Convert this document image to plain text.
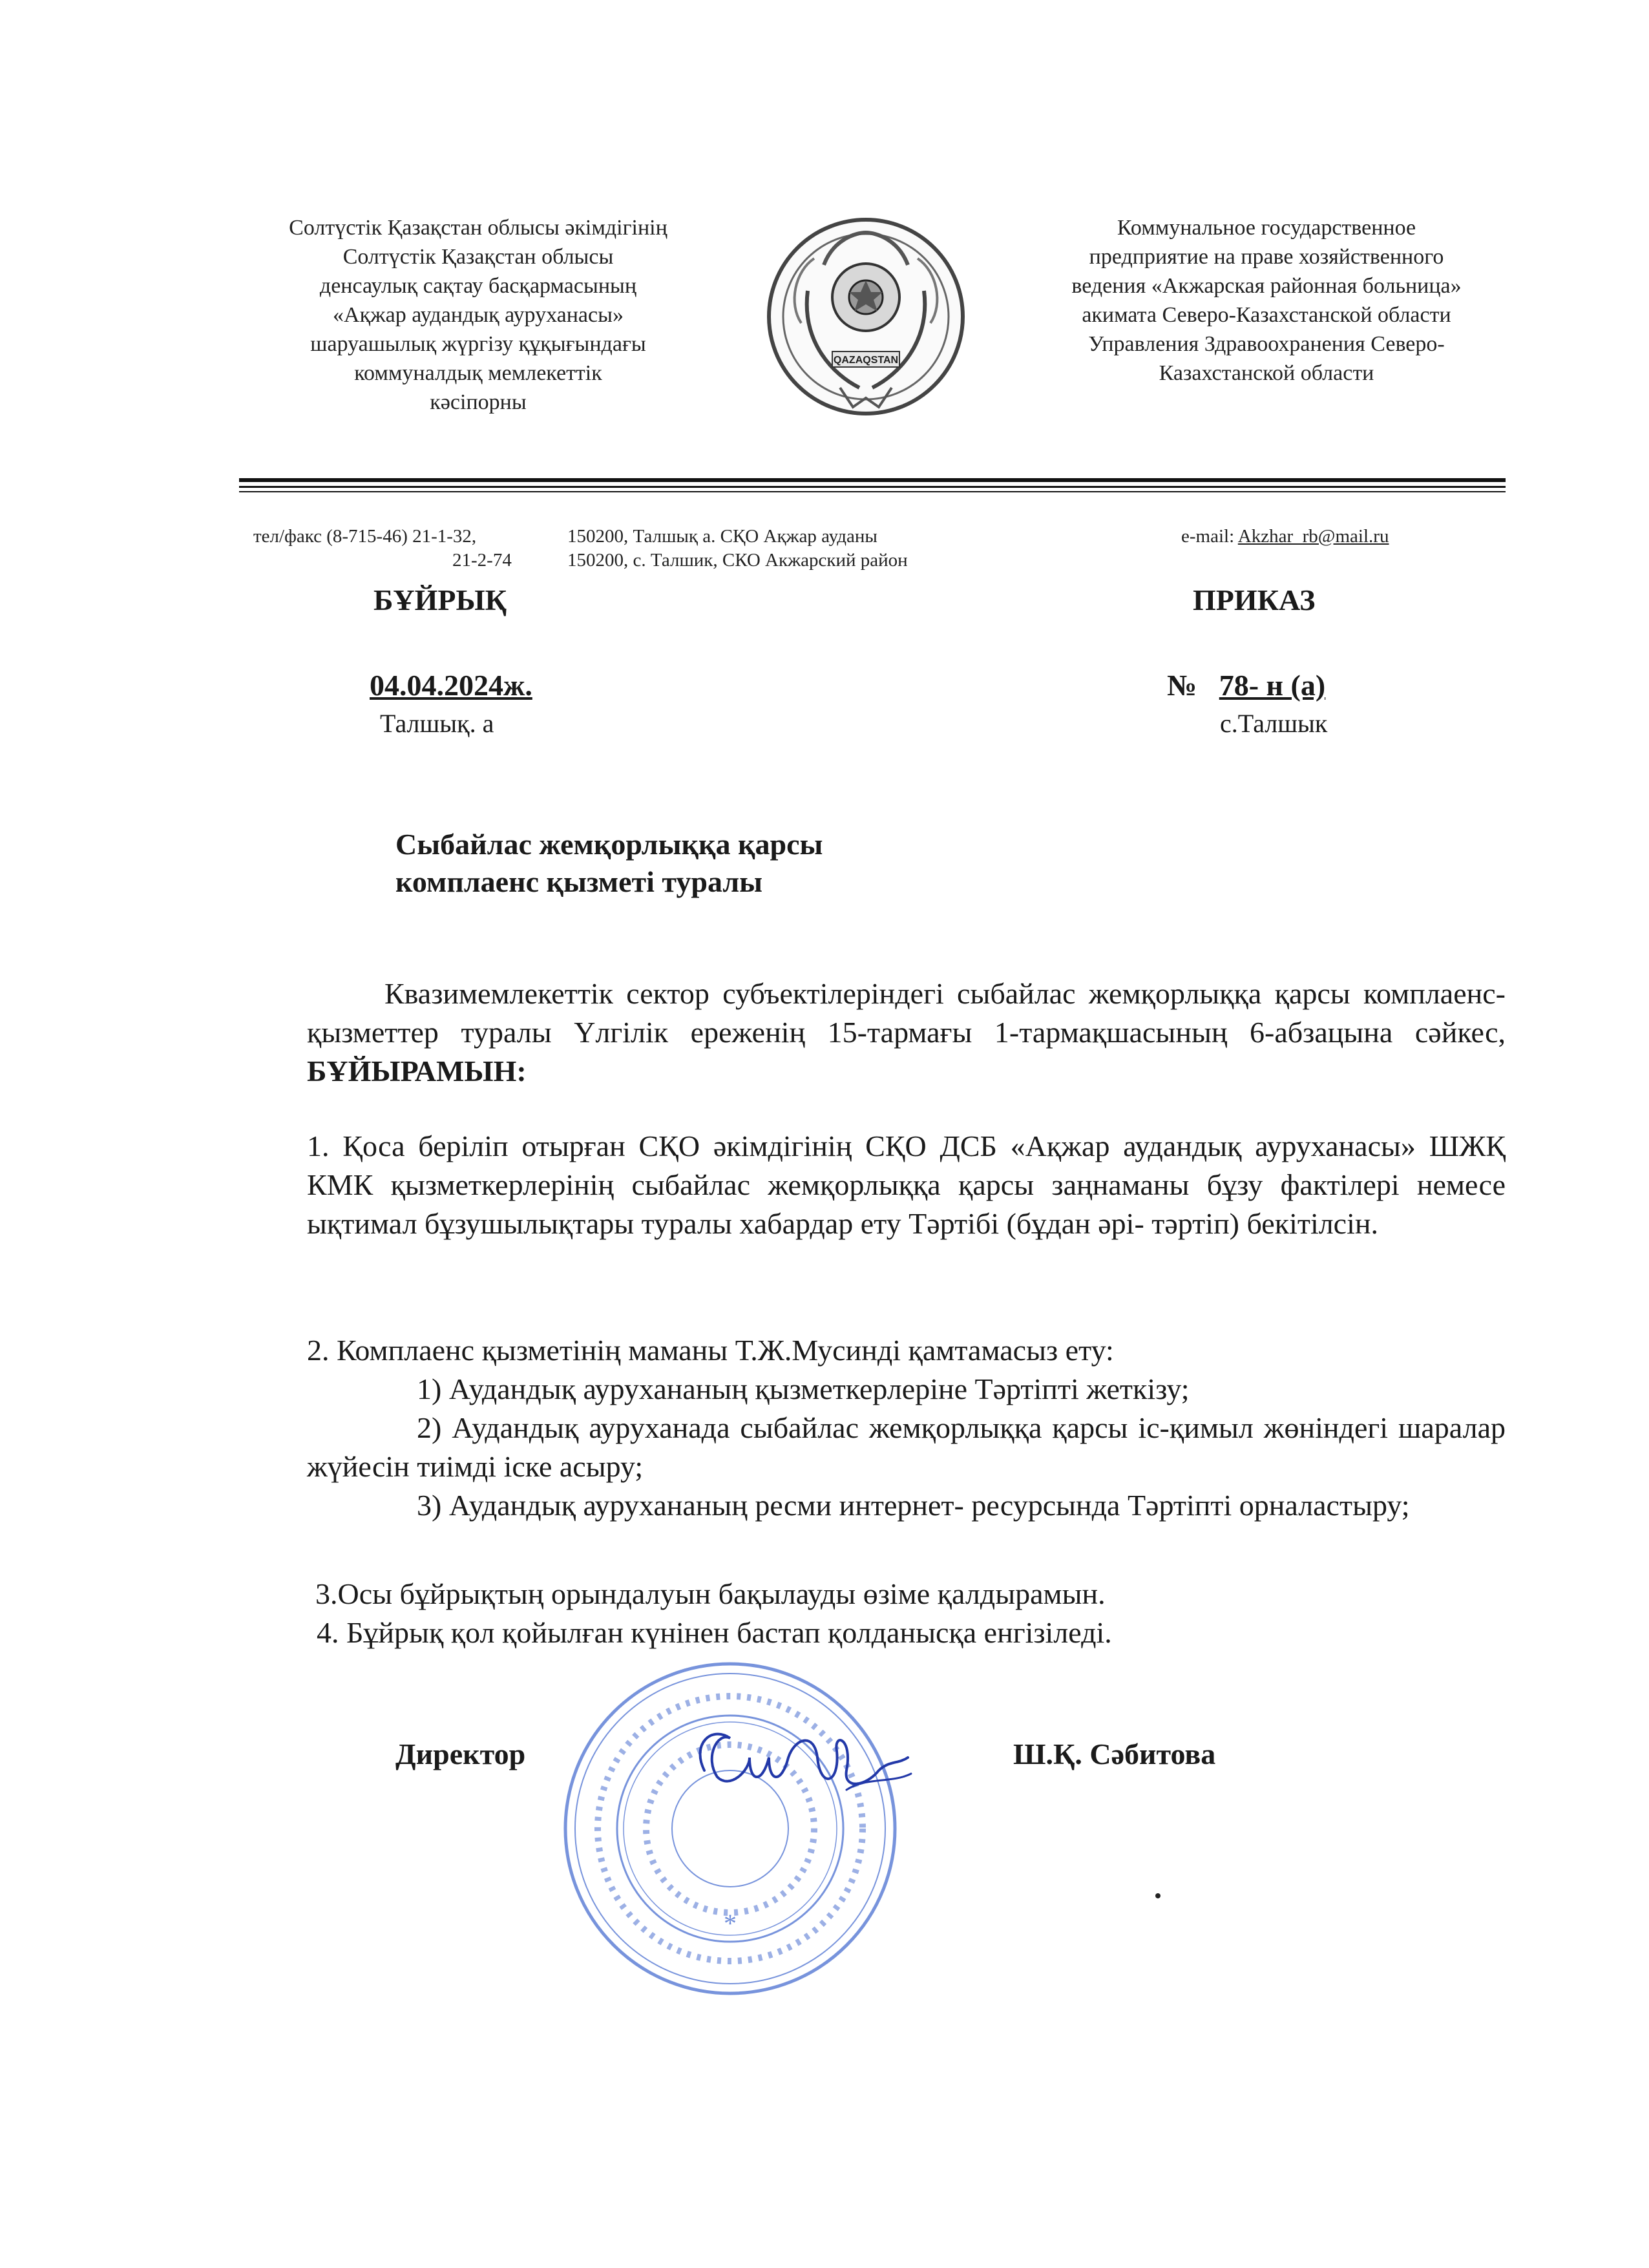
Солтүстік Қазақстан облысы әкімдігінің
Солтүстік Қазақстан облысы
денсаулық сақтау басқармасының
«Ақжар аудандық ауруханасы»
шаруашылық жүргізу құқығындағы
коммуналдық мемлекеттік
кәсіпорны
QAZAQSTAN
Коммунальное государственное
предприятие на праве хозяйственного
ведения «Акжарская районная больница»
акимата Северо-Казахстанской области
Управления Здравоохранения Северо-
Казахстанской области
тел/факс (8-715-46) 21-1-32,
21-2-74
150200, Талшық а. СҚО Ақжар ауданы
150200, с. Талшик, СКО Акжарский район
e-mail: Akzhar_rb@mail.ru
БҰЙРЫҚ	ПРИКАЗ
04.04.2024ж.	№ 78- н (а)
Талшық. а	с.Талшык
Сыбайлас жемқорлыққа қарсы
комплаенс қызметі туралы

Квазимемлекеттік сектор субъектілеріндегі сыбайлас жемқорлыққа қарсы комплаенс-қызметтер туралы Үлгілік ереженің 15-тармағы 1-тармақшасының 6-абзацына сәйкес, БҰЙЫРАМЫН:

1. Қоса беріліп отырған СҚО әкімдігінің СҚО ДСБ «Ақжар аудандық ауруханасы» ШЖҚ КМК қызметкерлерінің сыбайлас жемқорлыққа қарсы заңнаманы бұзу фактілері немесе ықтимал бұзушылықтары туралы хабардар ету Тәртібі (бұдан әрі- тәртіп) бекітілсін.

2. Комплаенс қызметінің маманы Т.Ж.Мусинді қамтамасыз ету:

1) Аудандық аурухананың қызметкерлеріне Тәртіпті жеткізу;

2) Аудандық ауруханада сыбайлас жемқорлыққа қарсы іс-қимыл жөніндегі шаралар жүйесін тиімді іске асыру;

3) Аудандық аурухананың ресми интернет- ресурсында Тәртіпті орналастыру;

3.Осы бұйрықтың орындалуын бақылауды өзіме қалдырамын.
4. Бұйрық қол қойылған күнінен бастап қолданысқа енгізіледі.
*
Директор	Ш.Қ. Сәбитова
